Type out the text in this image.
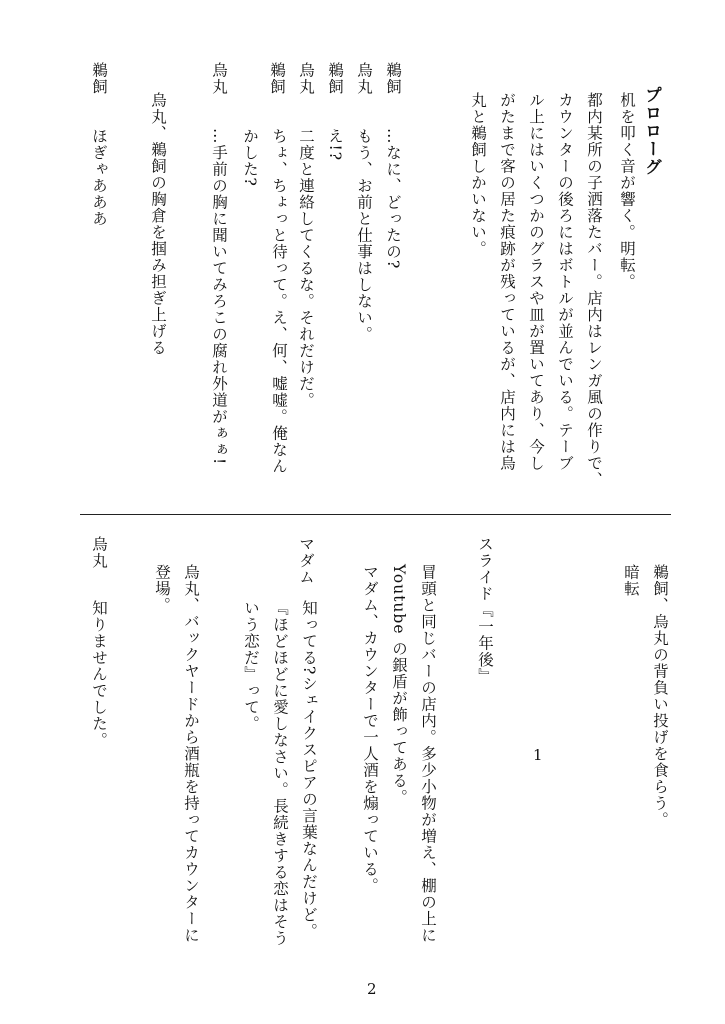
プロローグ
机を叩く音が響く。明転。
都内某所の子洒落たバー。店内はレンガ風の作りで、
カウンターの後ろにはボトルが並んでいる。テーブ
ル上にはいくつかのグラスや皿が置いてあり、今し
がたまで客の居た痕跡が残っているが、店内には烏
丸と鵜飼しかいない。
鵜飼
…なに、どったの?
烏丸
もう、お前と仕事はしない。
鵜飼
え!?
烏丸
二度と連絡してくるな。それだけだ。
鵜飼
ちょ、ちょっと待って。え、何、嘘嘘。俺なん
かした?
烏丸
…手前の胸に聞いてみろこの腐れ外道がぁぁ!
烏丸、鵜飼の胸倉を掴み担ぎ上げる
鵜飼
ほぎゃあああ
1	鵜飼、烏丸の背負い投げを食らう。
暗転
スライド『一年後』
冒頭と同じバーの店内。多少小物が増え、棚の上に
Youtube の銀盾が飾ってある。
マダム、カウンターで一人酒を煽っている。
マダム
知ってる?シェイクスピアの言葉なんだけど。
『ほどほどに愛しなさい。長続きする恋はそう
いう恋だ』って。
烏丸、バックヤードから酒瓶を持ってカウンターに
登場。
烏丸
知りませんでした。
2
